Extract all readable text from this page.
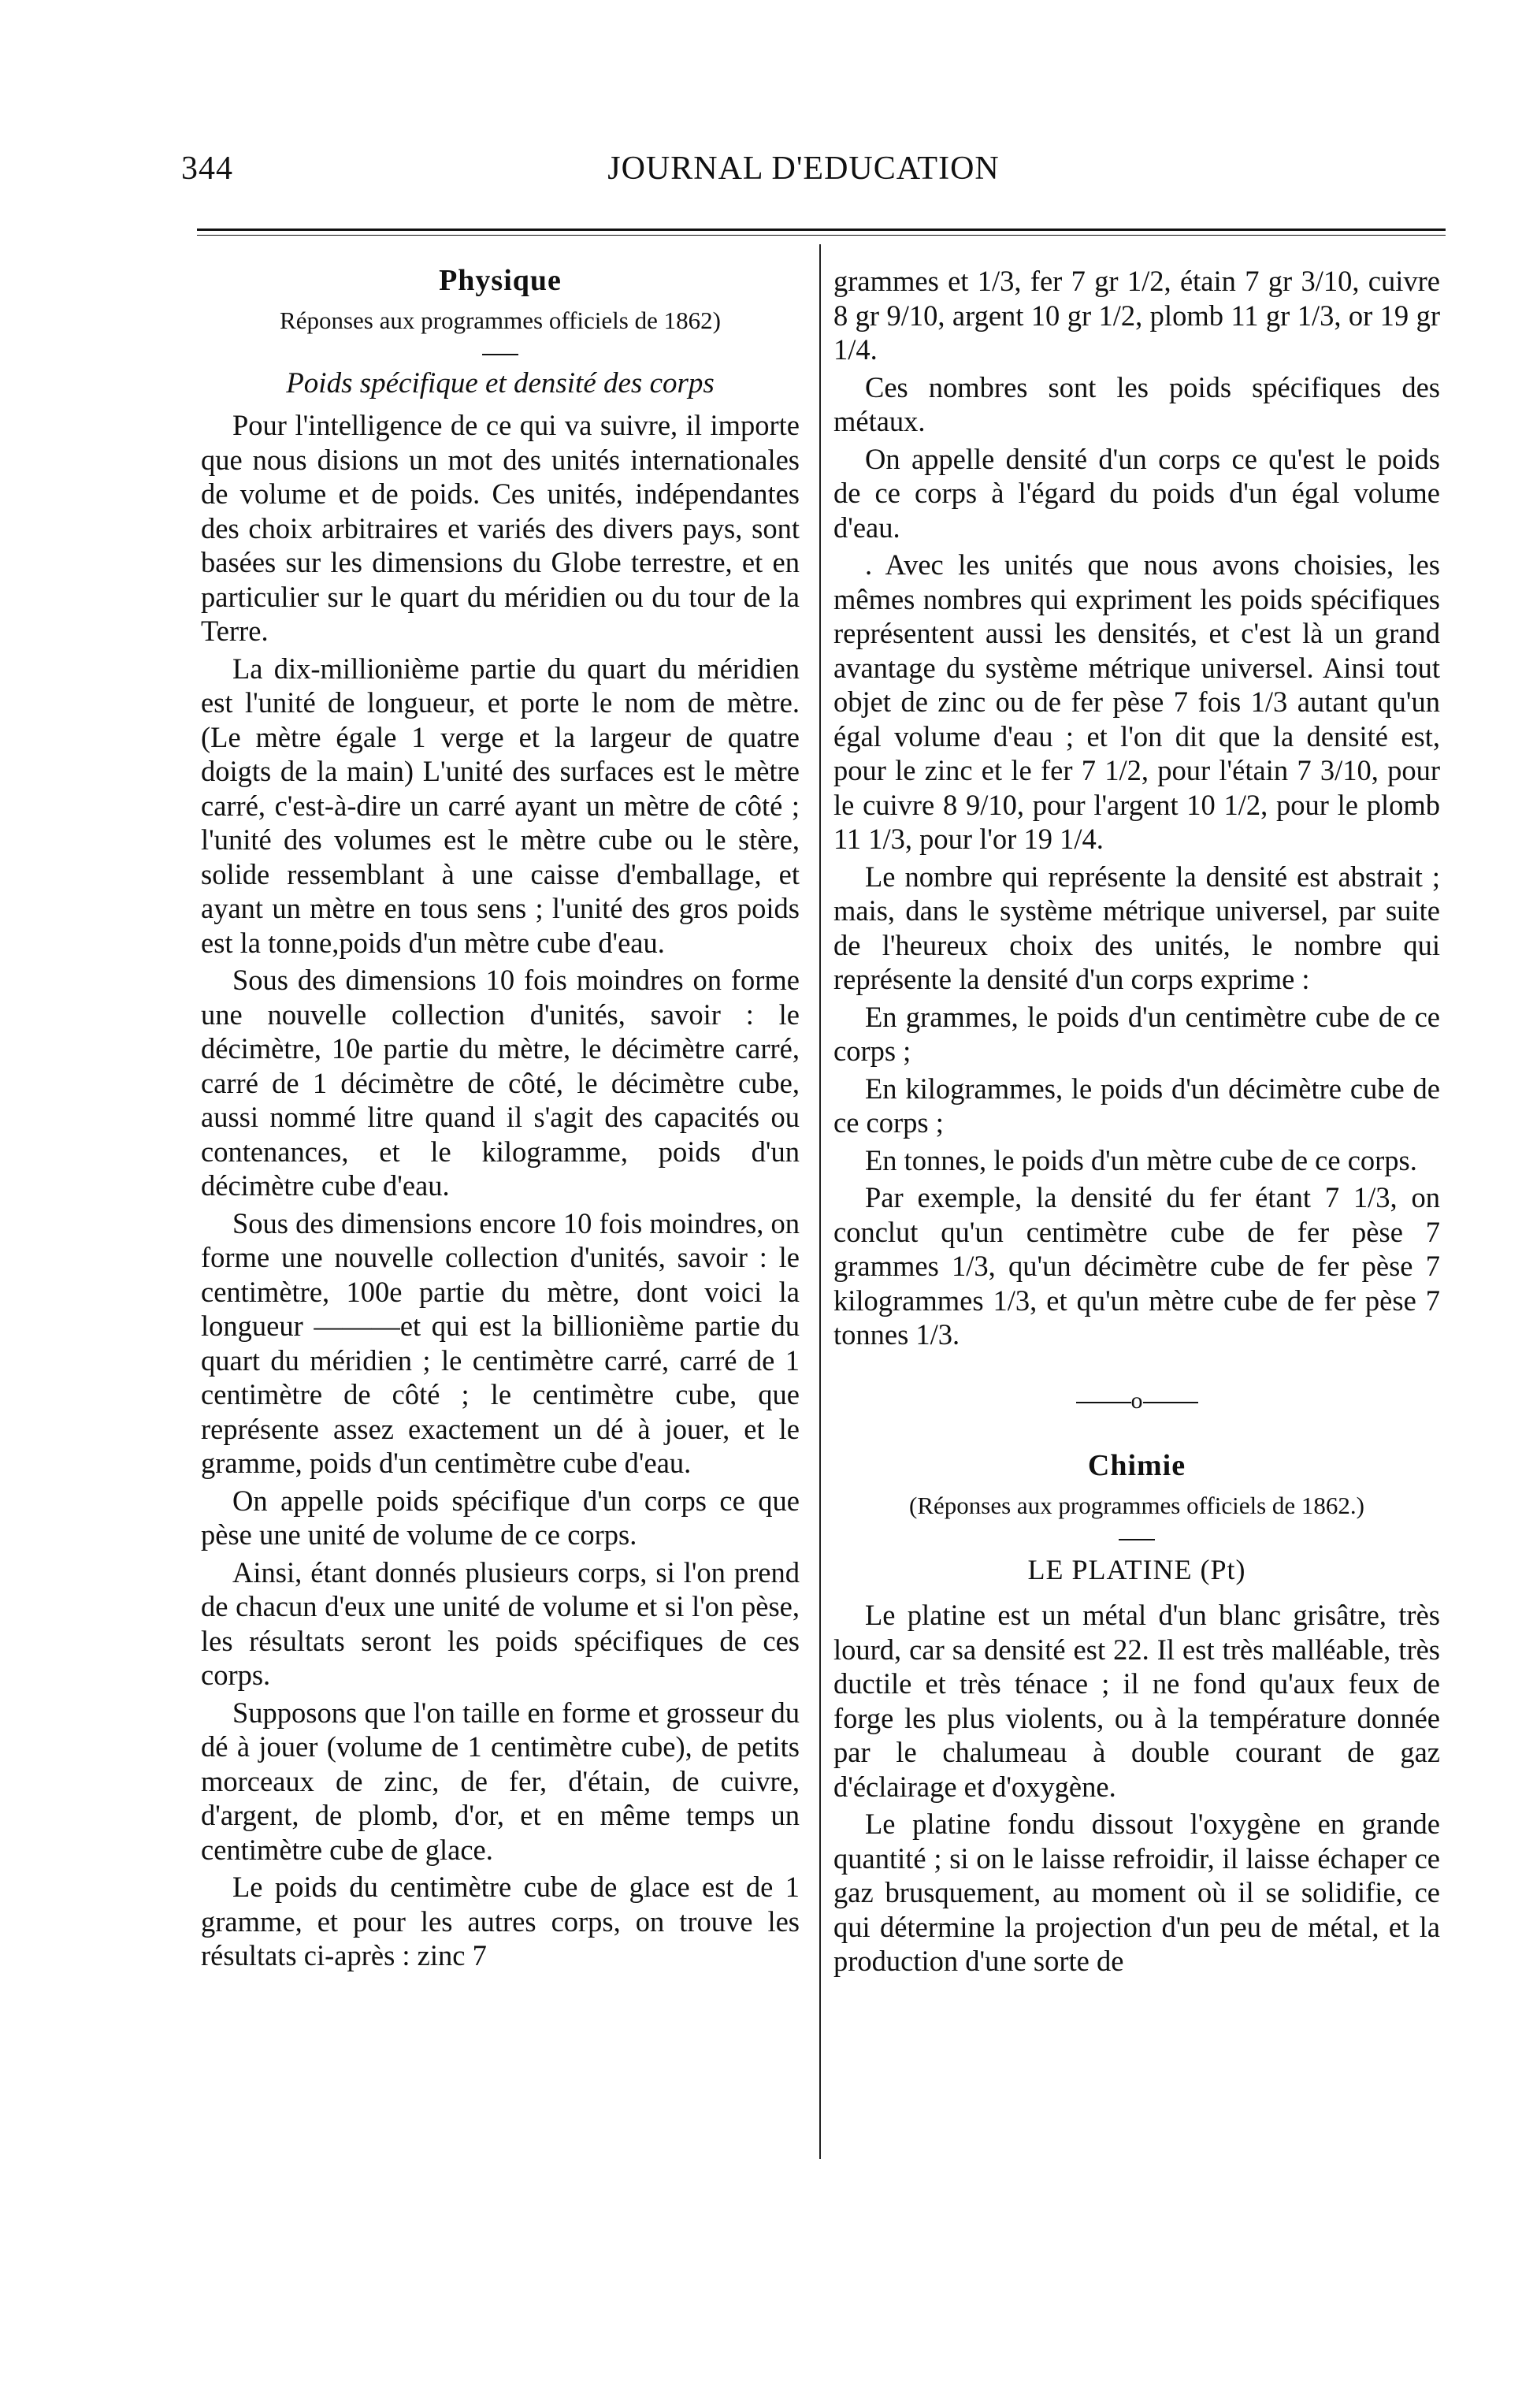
344	JOURNAL D'EDUCATION
Physique
Réponses aux programmes officiels de 1862)
Poids spécifique et densité des corps

Pour l'intelligence de ce qui va suivre, il importe que nous disions un mot des unités internationales de volume et de poids. Ces unités, indépendantes des choix arbitraires et variés des divers pays, sont basées sur les dimensions du Globe terrestre, et en particulier sur le quart du méridien ou du tour de la Terre.

La dix-millionième partie du quart du méridien est l'unité de longueur, et porte le nom de mètre. (Le mètre égale 1 verge et la largeur de quatre doigts de la main) L'unité des surfaces est le mètre carré, c'est-à-dire un carré ayant un mètre de côté ; l'unité des volumes est le mètre cube ou le stère, solide ressemblant à une caisse d'emballage, et ayant un mètre en tous sens ; l'unité des gros poids est la tonne,poids d'un mètre cube d'eau.

Sous des dimensions 10 fois moindres on forme une nouvelle collection d'unités, savoir : le décimètre, 10e partie du mètre, le décimètre carré, carré de 1 décimètre de côté, le décimètre cube, aussi nommé litre quand il s'agit des capacités ou contenances, et le kilogramme, poids d'un décimètre cube d'eau.

Sous des dimensions encore 10 fois moindres, on forme une nouvelle collection d'unités, savoir : le centimètre, 100e partie du mètre, dont voici la longueur ———et qui est la billionième partie du quart du méridien ; le centimètre carré, carré de 1 centimètre de côté ; le centimètre cube, que représente assez exactement un dé à jouer, et le gramme, poids d'un centimètre cube d'eau.

On appelle poids spécifique d'un corps ce que pèse une unité de volume de ce corps.

Ainsi, étant donnés plusieurs corps, si l'on prend de chacun d'eux une unité de volume et si l'on pèse, les résultats seront les poids spécifiques de ces corps.

Supposons que l'on taille en forme et grosseur du dé à jouer (volume de 1 centimètre cube), de petits morceaux de zinc, de fer, d'étain, de cuivre, d'argent, de plomb, d'or, et en même temps un centimètre cube de glace.

Le poids du centimètre cube de glace est de 1 gramme, et pour les autres corps, on trouve les résultats ci-après : zinc 7

grammes et 1/3, fer 7 gr 1/2, étain 7 gr 3/10, cuivre 8 gr 9/10, argent 10 gr 1/2, plomb 11 gr 1/3, or 19 gr 1/4.

Ces nombres sont les poids spécifiques des métaux.

On appelle densité d'un corps ce qu'est le poids de ce corps à l'égard du poids d'un égal volume d'eau.

. Avec les unités que nous avons choisies, les mêmes nombres qui expriment les poids spécifiques représentent aussi les densités, et c'est là un grand avantage du système métrique universel. Ainsi tout objet de zinc ou de fer pèse 7 fois 1/3 autant qu'un égal volume d'eau ; et l'on dit que la densité est, pour le zinc et le fer 7 1/2, pour l'étain 7 3/10, pour le cuivre 8 9/10, pour l'argent 10 1/2, pour le plomb 11 1/3, pour l'or 19 1/4.

Le nombre qui représente la densité est abstrait ; mais, dans le système métrique universel, par suite de l'heureux choix des unités, le nombre qui représente la densité d'un corps exprime :

En grammes, le poids d'un centimètre cube de ce corps ;

En kilogrammes, le poids d'un décimètre cube de ce corps ;

En tonnes, le poids d'un mètre cube de ce corps.

Par exemple, la densité du fer étant 7 1/3, on conclut qu'un centimètre cube de fer pèse 7 grammes 1/3, qu'un décimètre cube de fer pèse 7 kilogrammes 1/3, et qu'un mètre cube de fer pèse 7 tonnes 1/3.

o
Chimie
(Réponses aux programmes officiels de 1862.)
LE PLATINE (Pt)

Le platine est un métal d'un blanc grisâtre, très lourd, car sa densité est 22. Il est très malléable, très ductile et très ténace ; il ne fond qu'aux feux de forge les plus violents, ou à la température donnée par le chalumeau à double courant de gaz d'éclairage et d'oxygène.

Le platine fondu dissout l'oxygène en grande quantité ; si on le laisse refroidir, il laisse échaper ce gaz brusquement, au moment où il se solidifie, ce qui détermine la projection d'un peu de métal, et la production d'une sorte de
